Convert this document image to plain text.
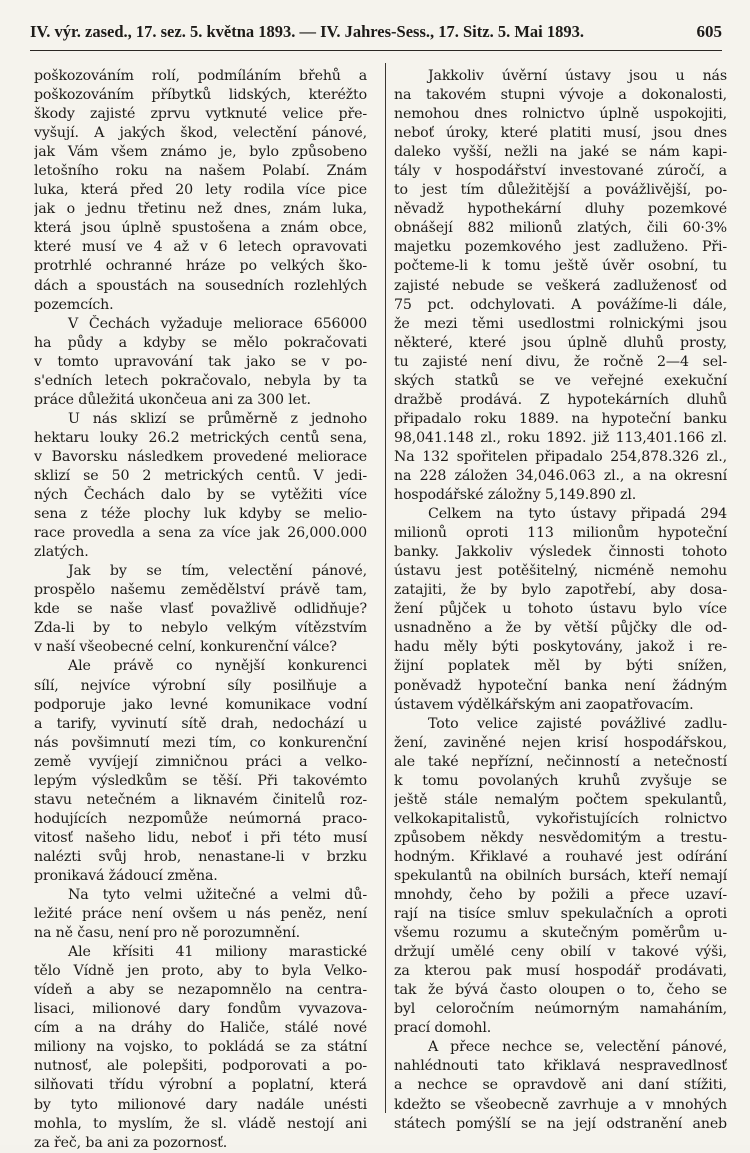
IV. výr. zased., 17. sez. 5. května 1893. — IV. Jahres-Sess., 17. Sitz. 5. Mai 1893.	605
poškozováním rolí, podmíláním břehů a
poškozováním příbytků lidských, kteréžto
škody zajisté zprvu vytknuté velice pře-
vyšují. A jakých škod, velectění pánové,
jak Vám všem známo je, bylo způsobeno
letošního roku na našem Polabí. Znám
luka, která před 20 lety rodila více pice
jak o jednu třetinu než dnes, znám luka,
která jsou úplně spustošena a znám obce,
které musí ve 4 až v 6 letech opravovati
protrhlé ochranné hráze po velkých ško-
dách a spoustách na sousedních rozlehlých
pozemcích.
V Čechách vyžaduje meliorace 656000
ha půdy a kdyby se mělo pokračovati
v tomto upravování tak jako se v po-
s'edních letech pokračovalo, nebyla by ta
práce důležitá ukončeua ani za 300 let.
U nás sklizí se průměrně z jednoho
hektaru louky 26.2 metrických centů sena,
v Bavorsku následkem provedené meliorace
sklizí se 50 2 metrických centů. V jedi-
ných Čechách dalo by se vytěžiti více
sena z téže plochy luk kdyby se melio-
race provedla a sena za více jak 26,000.000
zlatých.
Jak by se tím, velectění pánové,
prospělo našemu zemědělství právě tam,
kde se naše vlasť považlivě odlidňuje?
Zda-li by to nebylo velkým vítězstvím
v naší všeobecné celní, konkurenční válce?
Ale právě co nynější konkurenci
sílí, nejvíce výrobní síly posilňuje a
podporuje jako levné komunikace vodní
a tarify, vyvinutí sítě drah, nedochází u
nás povšimnutí mezi tím, co konkurenční
země vyvíjejí zimničnou práci a velko-
lepým výsledkům se těší. Při takovémto
stavu netečném a liknavém činitelů roz-
hodujících nezpomůže neúmorná praco-
vitosť našeho lidu, neboť i při této musí
nalézti svůj hrob, nenastane-li v brzku
pronikavá žádoucí změna.
Na tyto velmi užitečné a velmi dů-
ležité práce není ovšem u nás peněz, není
na ně času, není pro ně porozumnění.
Ale křísiti 41 miliony marastické
tělo Vídně jen proto, aby to byla Velko-
vídeň a aby se nezapomnělo na centra-
lisaci, milionové dary fondům vyvazova-
cím a na dráhy do Haliče, stálé nové
miliony na vojsko, to pokládá se za státní
nutnosť, ale polepšiti, podporovati a po-
silňovati třídu výrobní a poplatní, která
by tyto milionové dary nadále unésti
mohla, to myslím, že sl. vládě nestojí ani
za řeč, ba ani za pozornosť.
Jakkoliv úvěrní ústavy jsou u nás
na takovém stupni vývoje a dokonalosti,
nemohou dnes rolnictvo úplně uspokojiti,
neboť úroky, které platiti musí, jsou dnes
daleko vyšší, nežli na jaké se nám kapi-
tály v hospodářství investované zúročí, a
to jest tím důležitější a povážlivější, po-
něvadž hypothekární dluhy pozemkové
obnášejí 882 milionů zlatých, čili 60·3%
majetku pozemkového jest zadluženo. Při-
počteme-li k tomu ještě úvěr osobní, tu
zajisté nebude se veškerá zadluženosť od
75 pct. odchylovati. A povážíme-li dále,
že mezi těmi usedlostmi rolnickými jsou
některé, které jsou úplně dluhů prosty,
tu zajisté není divu, že ročně 2—4 sel-
ských statků se ve veřejné exekuční
dražbě prodává. Z hypotekárních dluhů
připadalo roku 1889. na hypoteční banku
98,041.148 zl., roku 1892. již 113,401.166 zl.
Na 132 spořitelen připadalo 254,878.326 zl.,
na 228 záložen 34,046.063 zl., a na okresní
hospodářské záložny 5,149.890 zl.
Celkem na tyto ústavy připadá 294
milionů oproti 113 milionům hypoteční
banky. Jakkoliv výsledek činnosti tohoto
ústavu jest potěšitelný, nicméně nemohu
zatajiti, že by bylo zapotřebí, aby dosa-
žení půjček u tohoto ústavu bylo více
usnadněno a že by větší půjčky dle od-
hadu měly býti poskytovány, jakož i re-
žijní poplatek měl by býti snížen,
poněvadž hypoteční banka není žádným
ústavem výdělkářským ani zaopatřovacím.
Toto velice zajisté povážlivé zadlu-
žení, zaviněné nejen krisí hospodářskou,
ale také nepřízní, nečinností a netečností
k tomu povolaných kruhů zvyšuje se
ještě stále nemalým počtem spekulantů,
velkokapitalistů, vykořistujících rolnictvo
způsobem někdy nesvědomitým a trestu-
hodným. Křiklavé a rouhavé jest odírání
spekulantů na obilních bursách, kteří nemají
mnohdy, čeho by požili a přece uzaví-
rají na tisíce smluv spekulačních a oproti
všemu rozumu a skutečným poměrům u-
držují umělé ceny obilí v takové výši,
za kterou pak musí hospodář prodávati,
tak že bývá často oloupen o to, čeho se
byl celoročním neúmorným namaháním,
prací domohl.
A přece nechce se, velectění pánové,
nahlédnouti tato křiklavá nespravedlnosť
a nechce se opravdově ani daní stížiti,
kdežto se všeobecně zavrhuje a v mnohých
státech pomýšlí se na její odstranění aneb
